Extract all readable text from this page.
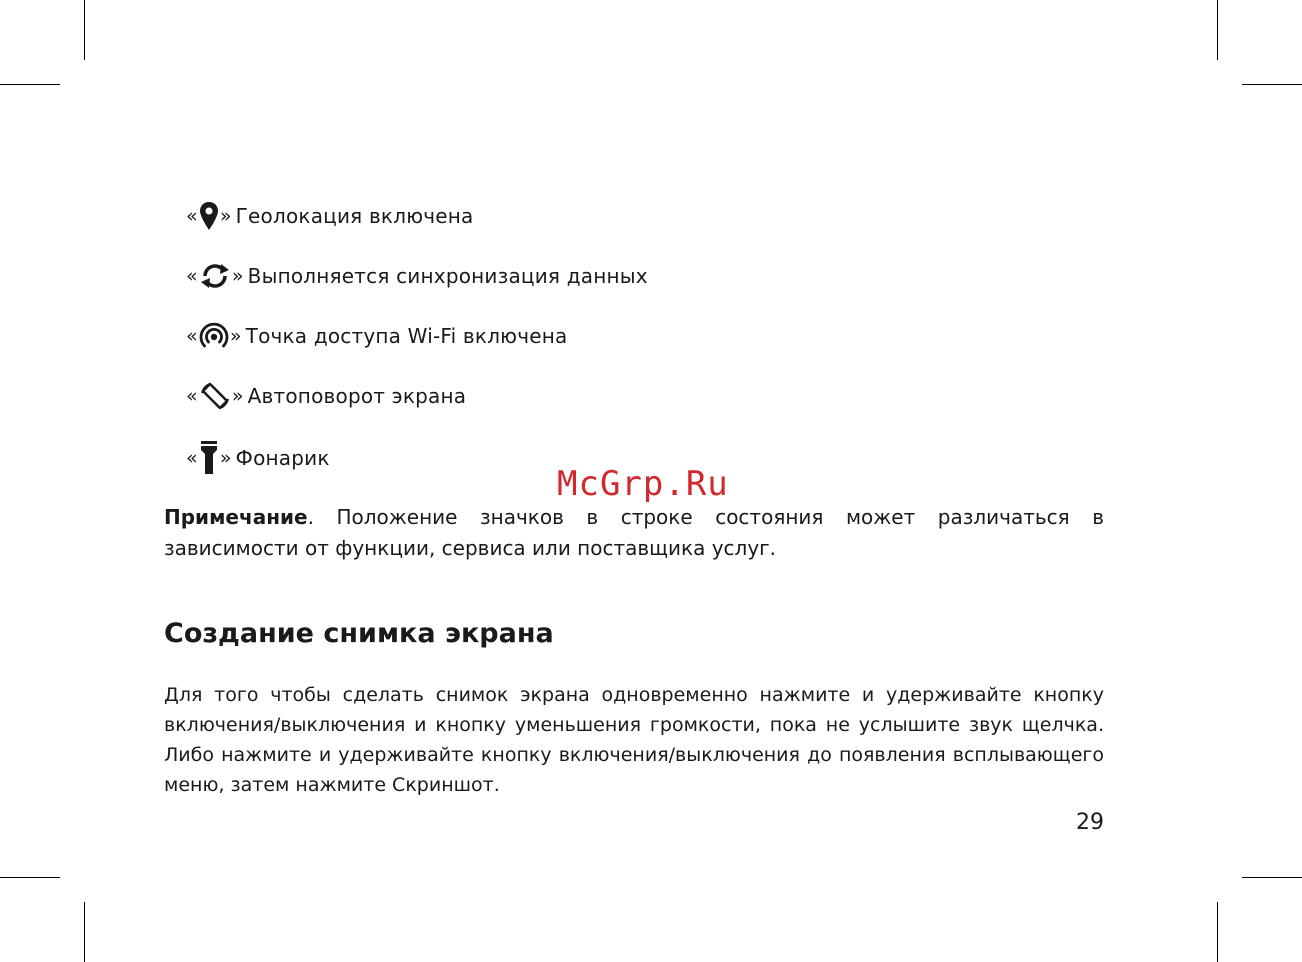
« » Геолокация включена
« » Выполняется синхронизация данных
« » Точка доступа Wi-Fi включена
« » Автоповорот экрана
« » Фонарик
McGrp.Ru
Примечание. Положение значков в строке состояния может различаться в зависимости от функции, сервиса или поставщика услуг.
Создание снимка экрана
Для того чтобы сделать снимок экрана одновременно нажмите и удерживайте кнопку включения/выключения и кнопку уменьшения громкости, пока не услышите звук щелчка. Либо нажмите и удерживайте кнопку включения/выключения до появления всплывающего меню, затем нажмите Скриншот.
29
